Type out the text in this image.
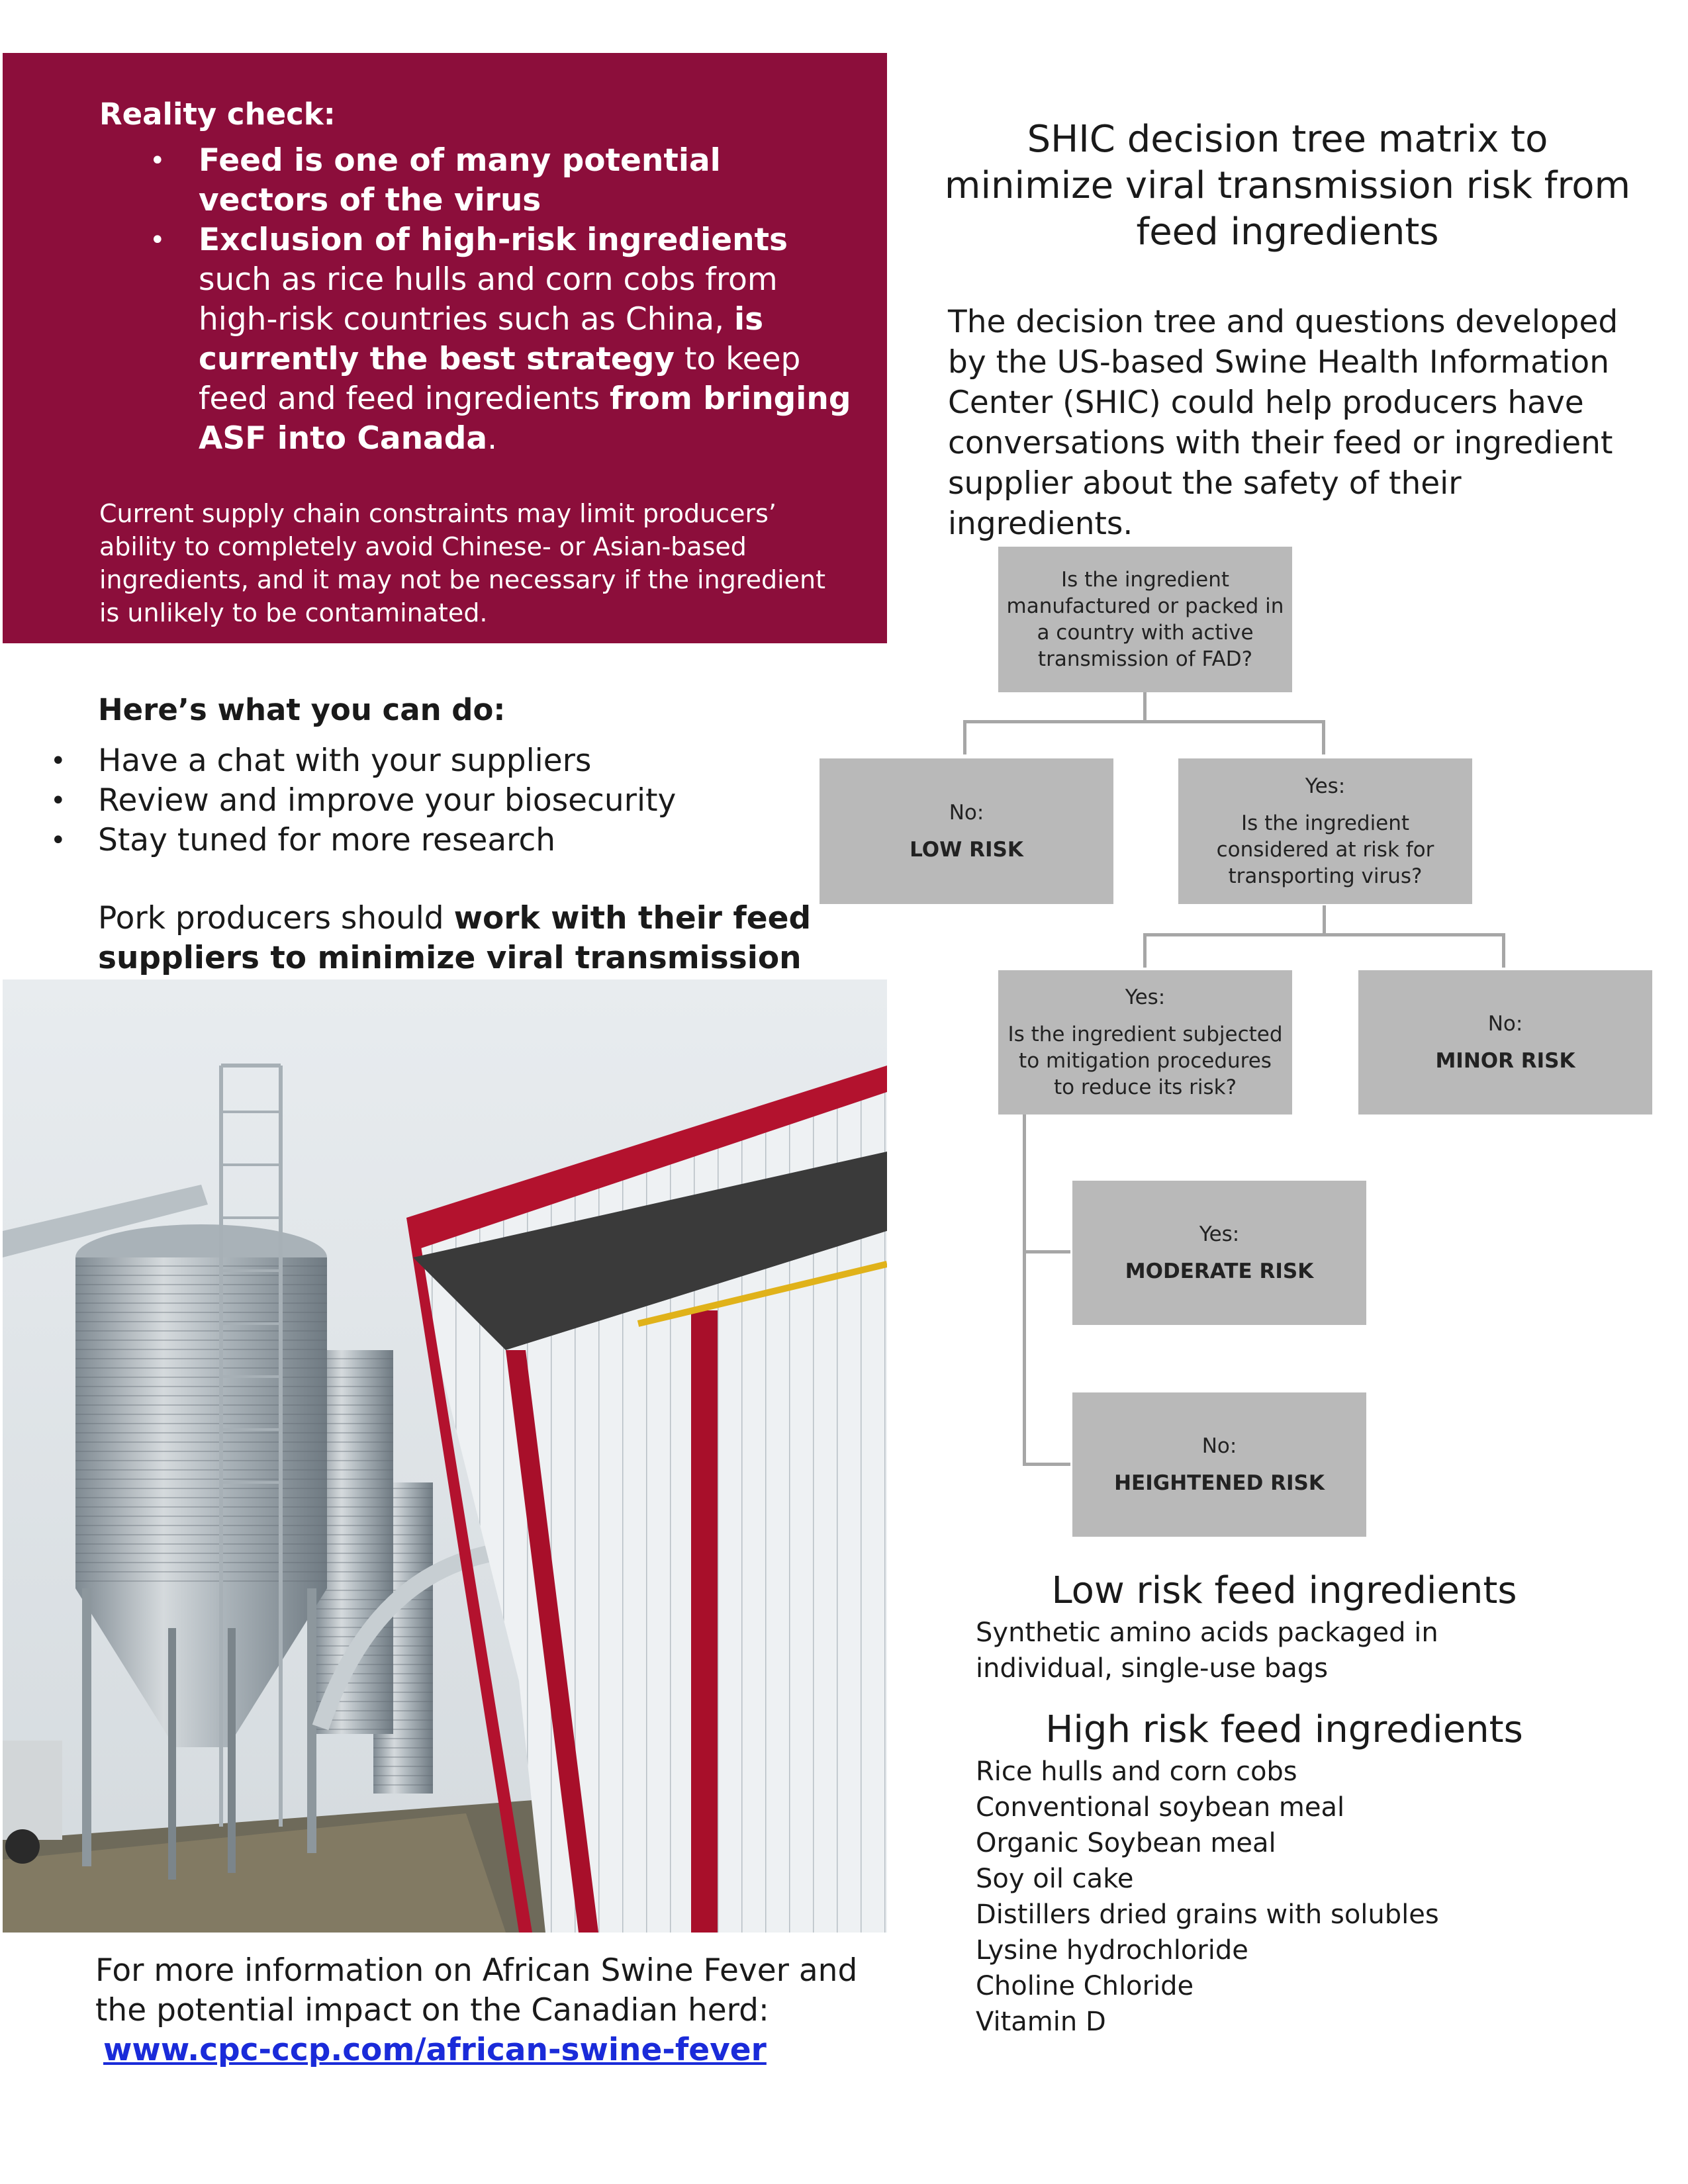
Reality check:
• Feed is one of many potential vectors of the virus
• Exclusion of high-risk ingredients such as rice hulls and corn cobs from high-risk countries such as China, is currently the best strategy to keep feed and feed ingredients from bringing ASF into Canada.
Current supply chain constraints may limit producers’ ability to completely avoid Chinese- or Asian-based ingredients, and it may not be necessary if the ingredient is unlikely to be contaminated.
Here’s what you can do:
• Have a chat with your suppliers
• Review and improve your biosecurity
• Stay tuned for more research
Pork producers should work with their feed suppliers to minimize viral transmission
For more information on African Swine Fever and the potential impact on the Canadian herd:
www.cpc-ccp.com/african-swine-fever
SHIC decision tree matrix to minimize viral transmission risk from feed ingredients
The decision tree and questions developed by the US-based Swine Health Information Center (SHIC) could help producers have conversations with their feed or ingredient supplier about the safety of their ingredients.
Is the ingredient manufactured or packed in a country with active transmission of FAD?
No:
LOW RISK
Yes:
Is the ingredient considered at risk for transporting virus?
Yes:
Is the ingredient subjected to mitigation procedures to reduce its risk?
No:
MINOR RISK
Yes:
MODERATE RISK
No:
HEIGHTENED RISK
Low risk feed ingredients
Synthetic amino acids packaged in individual, single-use bags
High risk feed ingredients
Rice hulls and corn cobs
Conventional soybean meal
Organic Soybean meal
Soy oil cake
Distillers dried grains with solubles
Lysine hydrochloride
Choline Chloride
Vitamin D
